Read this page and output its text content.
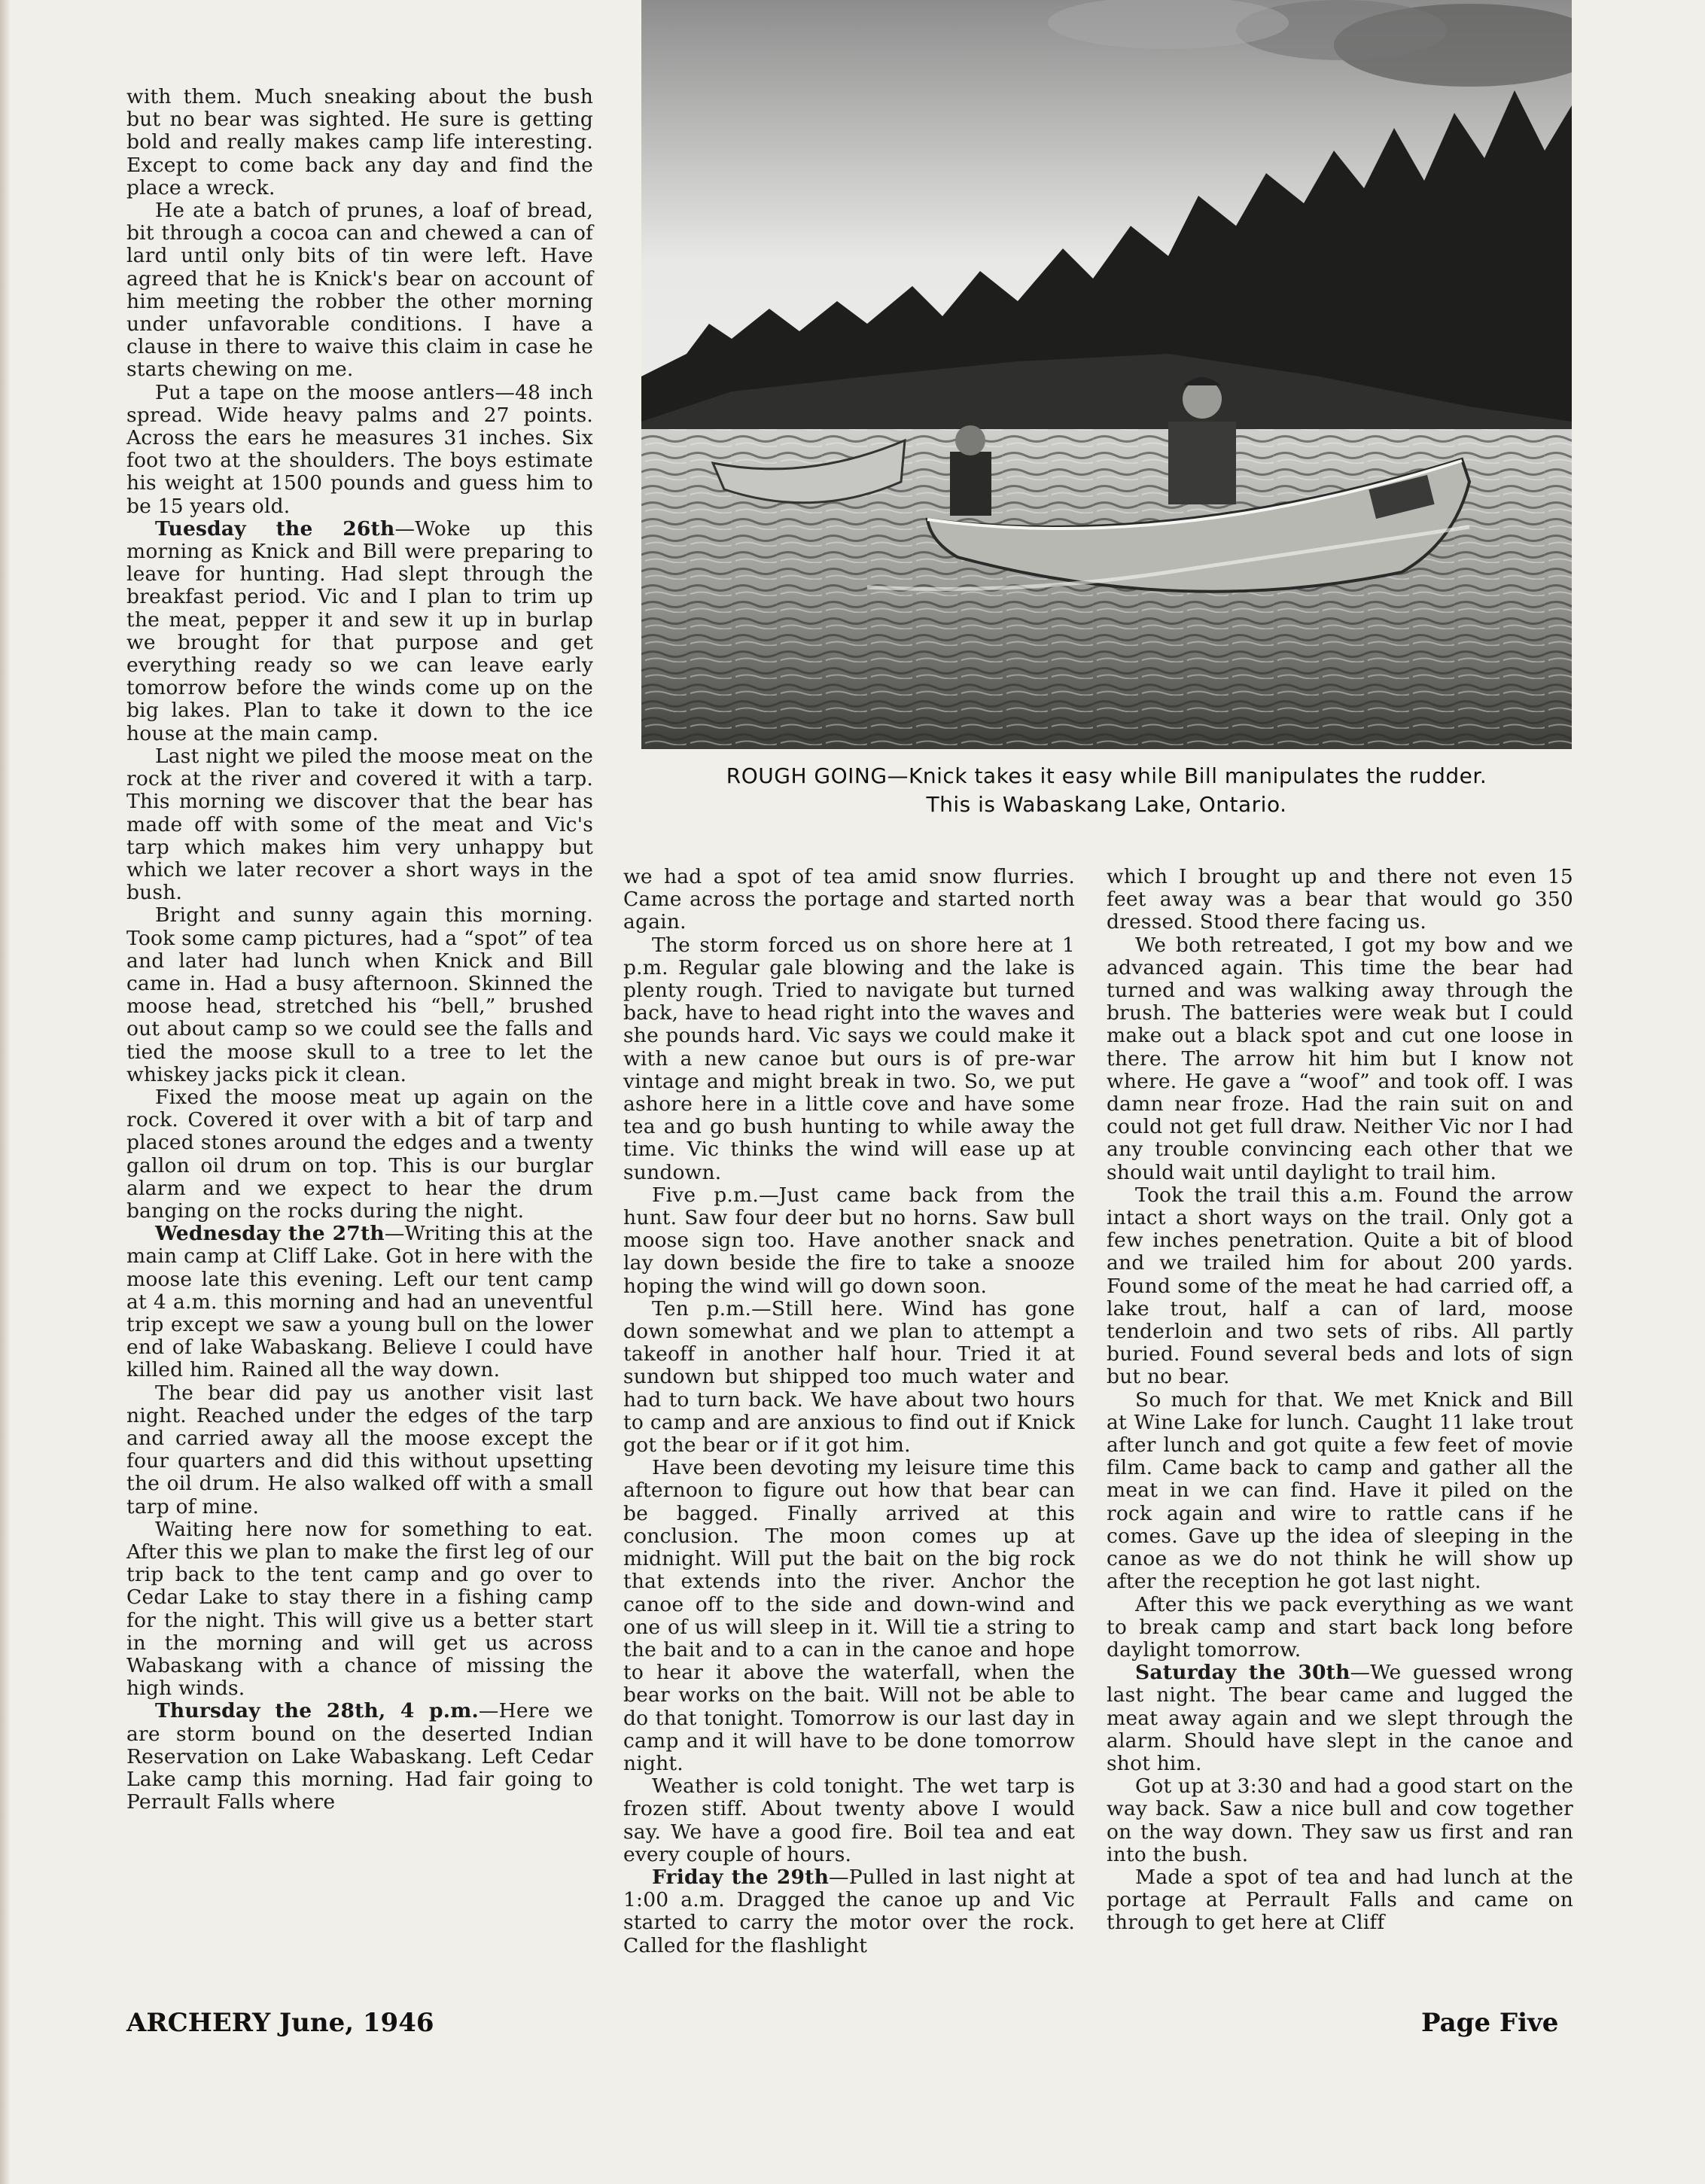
with them. Much sneaking about the bush but no bear was sighted. He sure is getting bold and really makes camp life interesting. Except to come back any day and find the place a wreck.

He ate a batch of prunes, a loaf of bread, bit through a cocoa can and chewed a can of lard until only bits of tin were left. Have agreed that he is Knick's bear on account of him meeting the robber the other morning under unfavorable conditions. I have a clause in there to waive this claim in case he starts chewing on me.

Put a tape on the moose antlers—48 inch spread. Wide heavy palms and 27 points. Across the ears he measures 31 inches. Six foot two at the shoulders. The boys estimate his weight at 1500 pounds and guess him to be 15 years old.

Tuesday the 26th—Woke up this morning as Knick and Bill were preparing to leave for hunting. Had slept through the breakfast period. Vic and I plan to trim up the meat, pepper it and sew it up in burlap we brought for that purpose and get everything ready so we can leave early tomorrow before the winds come up on the big lakes. Plan to take it down to the ice house at the main camp.

Last night we piled the moose meat on the rock at the river and covered it with a tarp. This morning we discover that the bear has made off with some of the meat and Vic's tarp which makes him very unhappy but which we later recover a short ways in the bush.

Bright and sunny again this morning. Took some camp pictures, had a “spot” of tea and later had lunch when Knick and Bill came in. Had a busy afternoon. Skinned the moose head, stretched his “bell,” brushed out about camp so we could see the falls and tied the moose skull to a tree to let the whiskey jacks pick it clean.

Fixed the moose meat up again on the rock. Covered it over with a bit of tarp and placed stones around the edges and a twenty gallon oil drum on top. This is our burglar alarm and we expect to hear the drum banging on the rocks during the night.

Wednesday the 27th—Writing this at the main camp at Cliff Lake. Got in here with the moose late this evening. Left our tent camp at 4 a.m. this morning and had an uneventful trip except we saw a young bull on the lower end of lake Wabaskang. Believe I could have killed him. Rained all the way down.

The bear did pay us another visit last night. Reached under the edges of the tarp and carried away all the moose except the four quarters and did this without upsetting the oil drum. He also walked off with a small tarp of mine.

Waiting here now for something to eat. After this we plan to make the first leg of our trip back to the tent camp and go over to Cedar Lake to stay there in a fishing camp for the night. This will give us a better start in the morning and will get us across Wabaskang with a chance of missing the high winds.

Thursday the 28th, 4 p.m.—Here we are storm bound on the deserted Indian Reservation on Lake Wabaskang. Left Cedar Lake camp this morning. Had fair going to Perrault Falls where

ROUGH GOING—Knick takes it easy while Bill manipulates the rudder.
This is Wabaskang Lake, Ontario.

we had a spot of tea amid snow flurries. Came across the portage and started north again.

The storm forced us on shore here at 1 p.m. Regular gale blowing and the lake is plenty rough. Tried to navigate but turned back, have to head right into the waves and she pounds hard. Vic says we could make it with a new canoe but ours is of pre-war vintage and might break in two. So, we put ashore here in a little cove and have some tea and go bush hunting to while away the time. Vic thinks the wind will ease up at sundown.

Five p.m.—Just came back from the hunt. Saw four deer but no horns. Saw bull moose sign too. Have another snack and lay down beside the fire to take a snooze hoping the wind will go down soon.

Ten p.m.—Still here. Wind has gone down somewhat and we plan to attempt a takeoff in another half hour. Tried it at sundown but shipped too much water and had to turn back. We have about two hours to camp and are anxious to find out if Knick got the bear or if it got him.

Have been devoting my leisure time this afternoon to figure out how that bear can be bagged. Finally arrived at this conclusion. The moon comes up at midnight. Will put the bait on the big rock that extends into the river. Anchor the canoe off to the side and down-wind and one of us will sleep in it. Will tie a string to the bait and to a can in the canoe and hope to hear it above the waterfall, when the bear works on the bait. Will not be able to do that tonight. Tomorrow is our last day in camp and it will have to be done tomorrow night.

Weather is cold tonight. The wet tarp is frozen stiff. About twenty above I would say. We have a good fire. Boil tea and eat every couple of hours.

Friday the 29th—Pulled in last night at 1:00 a.m. Dragged the canoe up and Vic started to carry the motor over the rock. Called for the flashlight

which I brought up and there not even 15 feet away was a bear that would go 350 dressed. Stood there facing us.

We both retreated, I got my bow and we advanced again. This time the bear had turned and was walking away through the brush. The batteries were weak but I could make out a black spot and cut one loose in there. The arrow hit him but I know not where. He gave a “woof” and took off. I was damn near froze. Had the rain suit on and could not get full draw. Neither Vic nor I had any trouble convincing each other that we should wait until daylight to trail him.

Took the trail this a.m. Found the arrow intact a short ways on the trail. Only got a few inches penetration. Quite a bit of blood and we trailed him for about 200 yards. Found some of the meat he had carried off, a lake trout, half a can of lard, moose tenderloin and two sets of ribs. All partly buried. Found several beds and lots of sign but no bear.

So much for that. We met Knick and Bill at Wine Lake for lunch. Caught 11 lake trout after lunch and got quite a few feet of movie film. Came back to camp and gather all the meat in we can find. Have it piled on the rock again and wire to rattle cans if he comes. Gave up the idea of sleeping in the canoe as we do not think he will show up after the reception he got last night.

After this we pack everything as we want to break camp and start back long before daylight tomorrow.

Saturday the 30th—We guessed wrong last night. The bear came and lugged the meat away again and we slept through the alarm. Should have slept in the canoe and shot him.

Got up at 3:30 and had a good start on the way back. Saw a nice bull and cow together on the way down. They saw us first and ran into the bush.

Made a spot of tea and had lunch at the portage at Perrault Falls and came on through to get here at Cliff

ARCHERY June, 1946	Page Five
